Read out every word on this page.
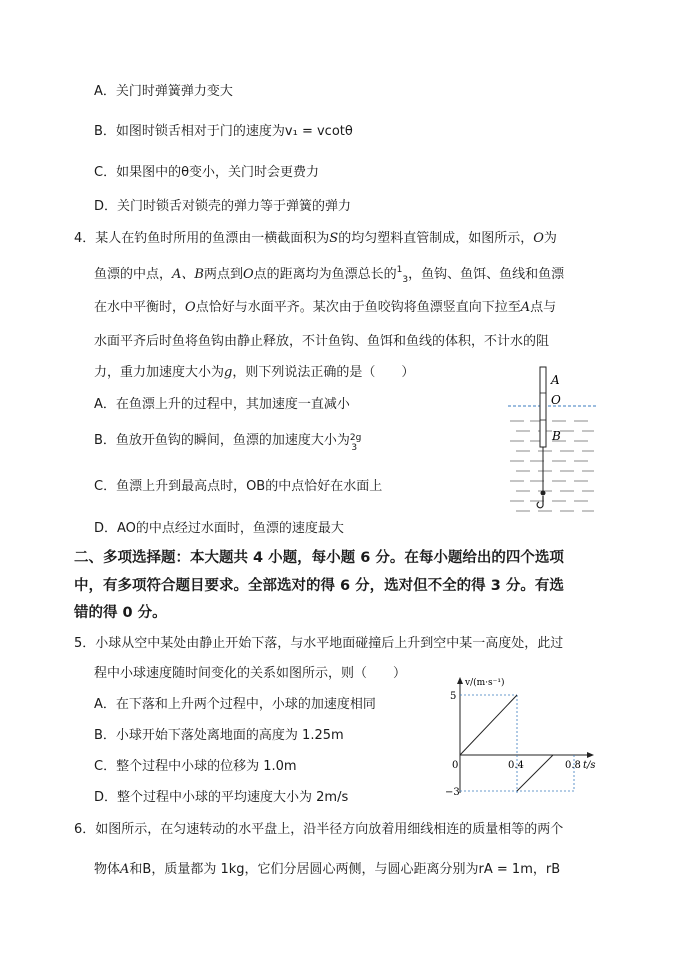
A．关门时弹簧弹力变大
B．如图时锁舌相对于门的速度为v₁ = vcotθ
C．如果图中的θ变小，关门时会更费力
D．关门时锁舌对锁壳的弹力等于弹簧的弹力
4．某人在钓鱼时所用的鱼漂由一横截面积为S的均匀塑料直管制成，如图所示，O为
鱼漂的中点，A、B两点到O点的距离均为鱼漂总长的$^1_3$，鱼钩、鱼饵、鱼线和鱼漂
在水中平衡时，O点恰好与水面平齐。某次由于鱼咬钩将鱼漂竖直向下拉至A点与
水面平齐后时鱼将鱼钩由静止释放，不计鱼钩、鱼饵和鱼线的体积，不计水的阻
力，重力加速度大小为g，则下列说法正确的是（　　）
A．在鱼漂上升的过程中，其加速度一直减小
B．鱼放开鱼钩的瞬间，鱼漂的加速度大小为$^{2g}_3$
C．鱼漂上升到最高点时，OB的中点恰好在水面上
D．AO的中点经过水面时，鱼漂的速度最大
A
O
B
二、多项选择题：本大题共 4 小题，每小题 6 分。在每小题给出的四个选项
中，有多项符合题目要求。全部选对的得 6 分，选对但不全的得 3 分。有选
错的得 0 分。
5．小球从空中某处由静止开始下落，与水平地面碰撞后上升到空中某一高度处，此过
程中小球速度随时间变化的关系如图所示，则（　　）
A．在下落和上升两个过程中，小球的加速度相同
B．小球开始下落处离地面的高度为 1.25m
C．整个过程中小球的位移为 1.0m
D．整个过程中小球的平均速度大小为 2m/s
v/(m·s⁻¹)
t/s
5
−3
0	0.4	0.8
6．如图所示，在匀速转动的水平盘上，沿半径方向放着用细线相连的质量相等的两个
物体A和B，质量都为 1kg，它们分居圆心两侧，与圆心距离分别为rA = 1m，rB
